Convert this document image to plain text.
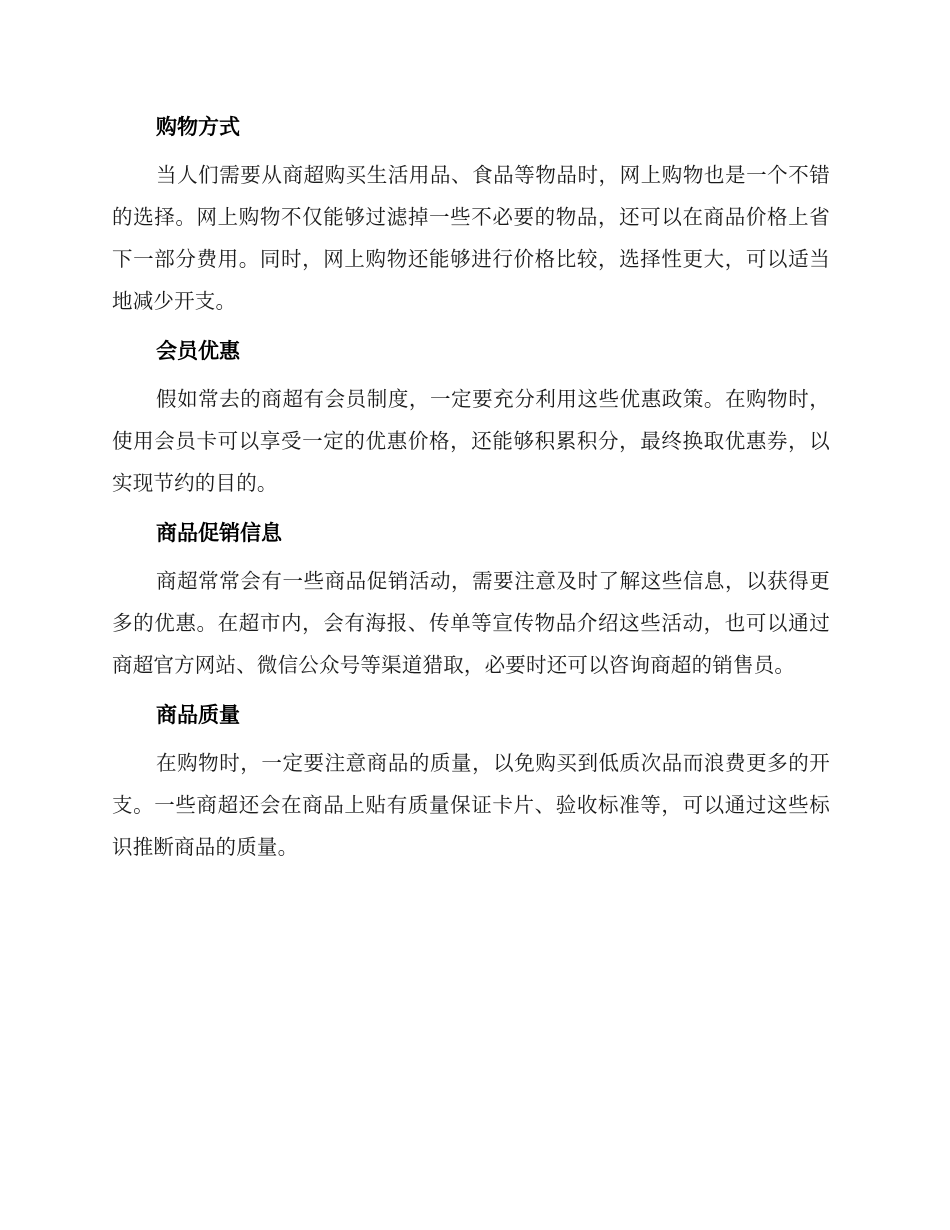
购物方式

当人们需要从商超购买生活用品、食品等物品时，网上购物也是一个不错的选择。网上购物不仅能够过滤掉一些不必要的物品，还可以在商品价格上省下一部分费用。同时，网上购物还能够进行价格比较，选择性更大，可以适当地减少开支。

会员优惠

假如常去的商超有会员制度，一定要充分利用这些优惠政策。在购物时，使用会员卡可以享受一定的优惠价格，还能够积累积分，最终换取优惠券，以实现节约的目的。

商品促销信息

商超常常会有一些商品促销活动，需要注意及时了解这些信息，以获得更多的优惠。在超市内，会有海报、传单等宣传物品介绍这些活动，也可以通过商超官方网站、微信公众号等渠道猎取，必要时还可以咨询商超的销售员。

商品质量

在购物时，一定要注意商品的质量，以免购买到低质次品而浪费更多的开支。一些商超还会在商品上贴有质量保证卡片、验收标准等，可以通过这些标识推断商品的质量。
